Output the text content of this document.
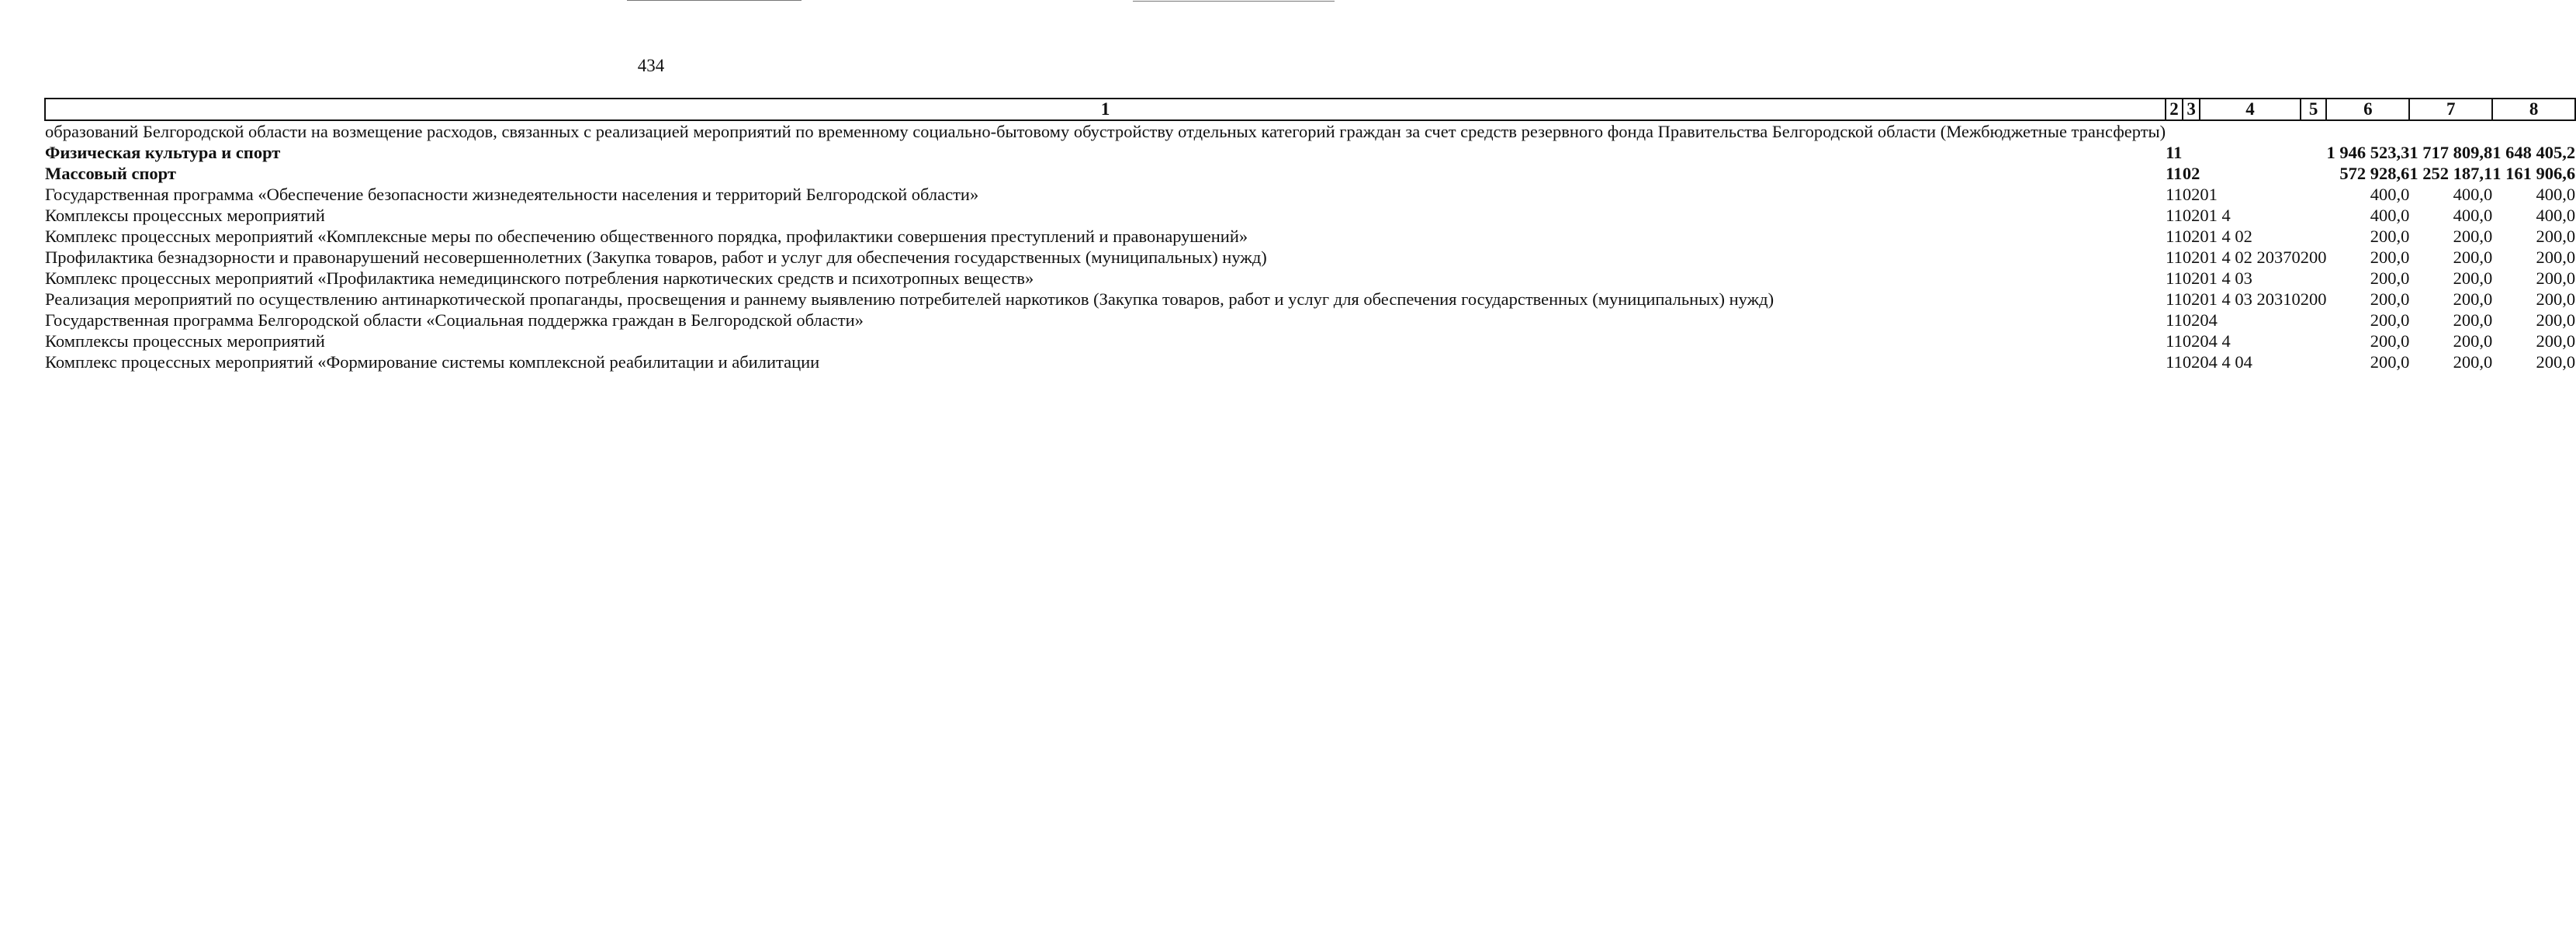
434
1	2	3	4	5	6	7	8
образований Белгородской области на возмещение расходов, связанных с реализацией мероприятий по временному социально-бытовому обустройству отдельных категорий граждан за счет средств резервного фонда Правительства Белгородской области (Межбюджетные трансферты)							
Физическая культура и спорт	11				1 946 523,3	1 717 809,8	1 648 405,2
Массовый спорт	11	02			572 928,6	1 252 187,1	1 161 906,6
Государственная программа «Обеспечение безопасности жизнедеятельности населения и территорий Белгородской области»	11	02	01		400,0	400,0	400,0
Комплексы процессных мероприятий	11	02	01 4		400,0	400,0	400,0
Комплекс процессных мероприятий «Комплексные меры по обеспечению общественного порядка, профилактики совершения преступлений и правонарушений»	11	02	01 4 02		200,0	200,0	200,0
Профилактика безнадзорности и правонарушений несовершеннолетних (Закупка товаров, работ и услуг для обеспечения государственных (муниципальных) нужд)	11	02	01 4 02 20370	200	200,0	200,0	200,0
Комплекс процессных мероприятий «Профилактика немедицинского потребления наркотических средств и психотропных веществ»	11	02	01 4 03		200,0	200,0	200,0
Реализация мероприятий по осуществлению антинаркотической пропаганды, просвещения и раннему выявлению потребителей наркотиков (Закупка товаров, работ и услуг для обеспечения государственных (муниципальных) нужд)	11	02	01 4 03 20310	200	200,0	200,0	200,0
Государственная программа Белгородской области «Социальная поддержка граждан в Белгородской области»	11	02	04		200,0	200,0	200,0
Комплексы процессных мероприятий	11	02	04 4		200,0	200,0	200,0
Комплекс процессных мероприятий «Формирование системы комплексной реабилитации и абилитации	11	02	04 4 04		200,0	200,0	200,0
